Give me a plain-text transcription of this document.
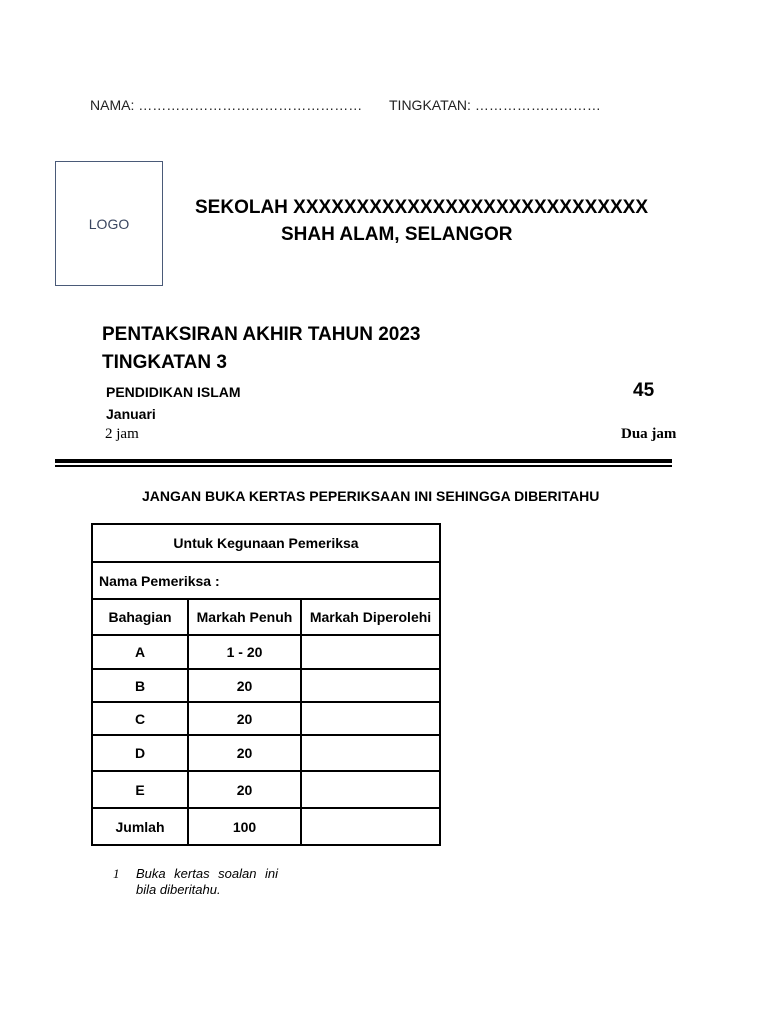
NAMA: ………………………………………… TINGKATAN: ………………………
LOGO
SEKOLAH XXXXXXXXXXXXXXXXXXXXXXXXXXXX
SHAH ALAM, SELANGOR
PENTAKSIRAN AKHIR TAHUN 2023
TINGKATAN 3
PENDIDIKAN ISLAM	45
Januari
2 jam	Dua jam
JANGAN BUKA KERTAS PEPERIKSAAN INI SEHINGGA DIBERITAHU
Untuk Kegunaan Pemeriksa		
Nama Pemeriksa :		
Bahagian	Markah Penuh	Markah Diperolehi
A	1 - 20	
B	20	
C	20	
D	20	
E	20	
Jumlah	100	
1 Buka kertas soalan ini
bila diberitahu.
